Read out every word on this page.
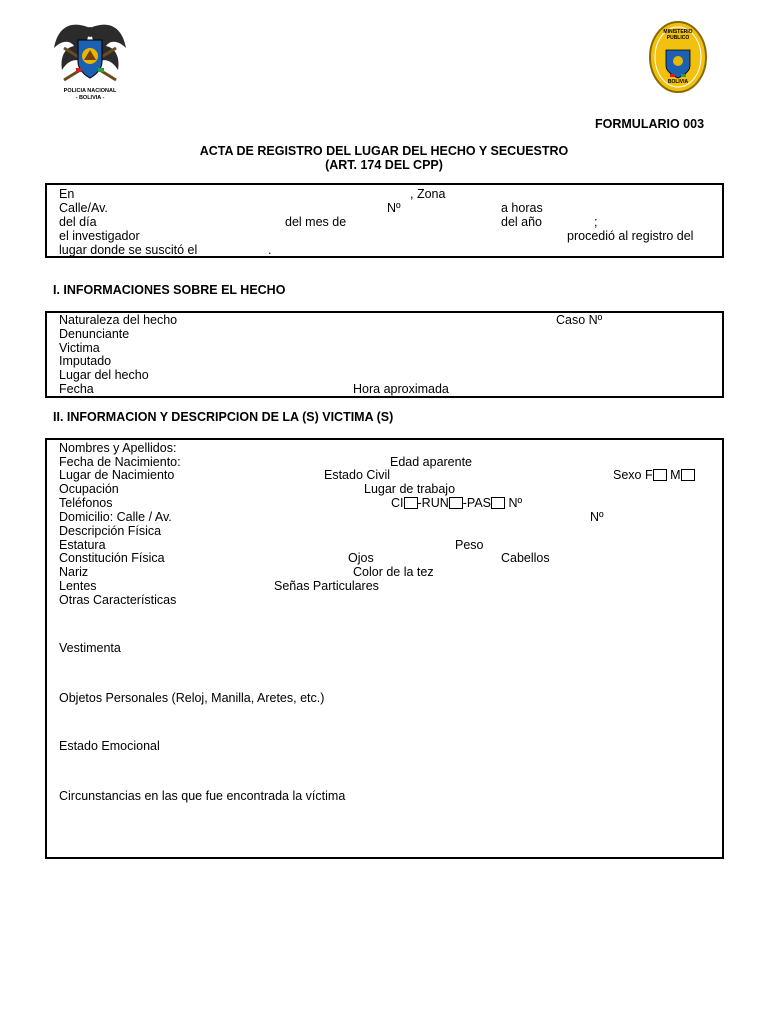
POLICIA NACIONAL
- BOLIVIA -
MINISTERIO
PUBLICO
BOLIVIA
FORMULARIO 003
ACTA DE REGISTRO DEL LUGAR DEL HECHO Y SECUESTRO
(ART. 174 DEL CPP)
En	, Zona
Calle/Av.	Nº	a horas
del día	del mes de	del año	;
el investigador	procedió al registro del
lugar donde se suscitó el	.
I. INFORMACIONES SOBRE EL HECHO
Naturaleza del hecho	Caso Nº
Denunciante
Victima
Imputado
Lugar del hecho
Fecha	Hora aproximada
II. INFORMACION Y DESCRIPCION DE LA (S) VICTIMA (S)
Nombres y Apellidos:
Fecha de Nacimiento:	Edad aparente
Lugar de Nacimiento	Estado Civil	Sexo F M
Ocupación	Lugar de trabajo
Teléfonos	CI -RUN -PAS Nº
Domicilio: Calle / Av.	Nº
Descripción Física
Estatura	Peso
Constitución Física	Ojos	Cabellos
Nariz	Color de la tez
Lentes	Señas Particulares
Otras Características
Vestimenta
Objetos Personales (Reloj, Manilla, Aretes, etc.)
Estado Emocional
Circunstancias en las que fue encontrada la víctima
